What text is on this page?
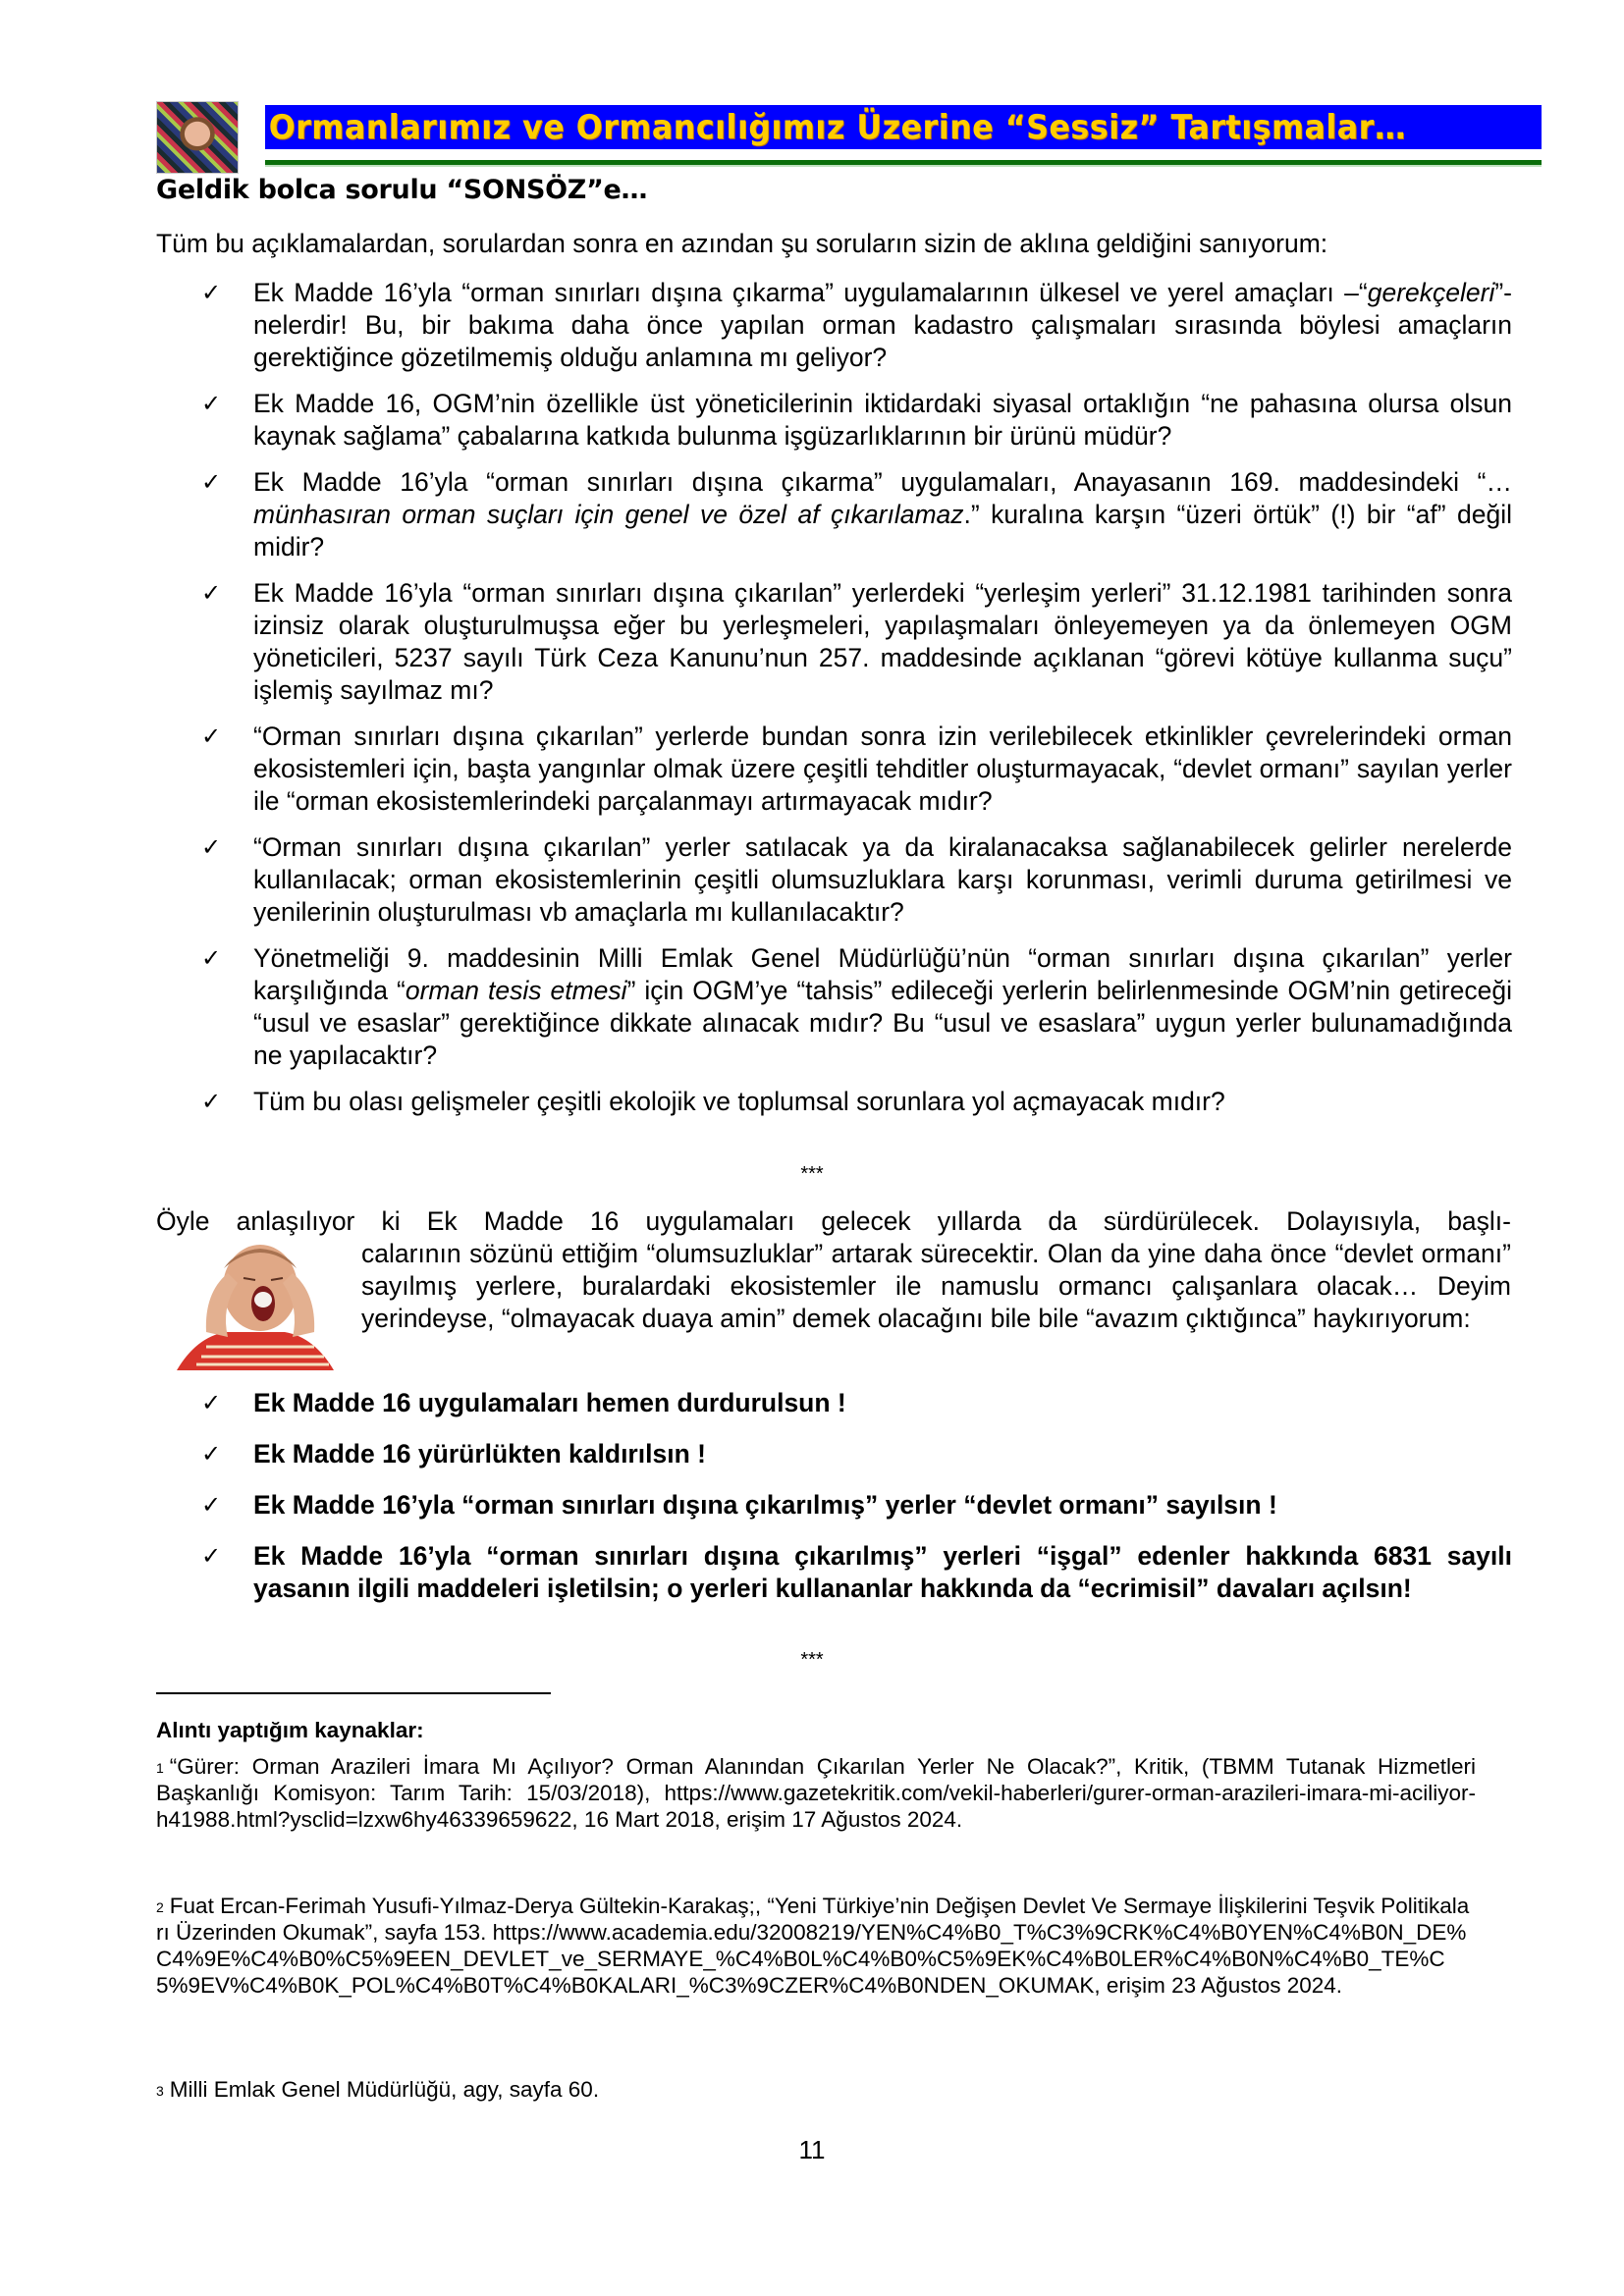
Ormanlarımız ve Ormancılığımız Üzerine “Sessiz” Tartışmalar…
Geldik bolca sorulu “SONSÖZ”e…
Tüm bu açıklamalardan, sorulardan sonra en azından şu soruların sizin de aklına geldiğini sanıyorum:
✓ Ek Madde 16’yla “orman sınırları dışına çıkarma” uygulamalarının ülkesel ve yerel amaçları –“gerekçeleri”- nelerdir! Bu, bir bakıma daha önce yapılan orman kadastro çalışmaları sırasında böylesi amaçların gerektiğince gözetilmemiş olduğu anlamına mı geliyor?
✓ Ek Madde 16, OGM’nin özellikle üst yöneticilerinin iktidardaki siyasal ortaklığın “ne pahasına olursa olsun kaynak sağlama” çabalarına katkıda bulunma işgüzarlıklarının bir ürünü müdür?
✓ Ek Madde 16’yla “orman sınırları dışına çıkarma” uygulamaları, Anayasanın 169. maddesindeki “…münhasıran orman suçları için genel ve özel af çıkarılamaz.” kuralına karşın “üzeri örtük” (!) bir “af” değil midir?
✓ Ek Madde 16’yla “orman sınırları dışına çıkarılan” yerlerdeki “yerleşim yerleri” 31.12.1981 tarihinden sonra izinsiz olarak oluşturulmuşsa eğer bu yerleşmeleri, yapılaşmaları önleyemeyen ya da önlemeyen OGM yöneticileri, 5237 sayılı Türk Ceza Kanunu’nun 257. maddesinde açıklanan “görevi kötüye kullanma suçu” işlemiş sayılmaz mı?
✓ “Orman sınırları dışına çıkarılan” yerlerde bundan sonra izin verilebilecek etkinlikler çevrelerindeki orman ekosistemleri için, başta yangınlar olmak üzere çeşitli tehditler oluşturmayacak, “devlet ormanı” sayılan yerler ile “orman ekosistemlerindeki parçalanmayı artırmayacak mıdır?
✓ “Orman sınırları dışına çıkarılan” yerler satılacak ya da kiralanacaksa sağlanabilecek gelirler nerelerde kullanılacak; orman ekosistemlerinin çeşitli olumsuzluklara karşı korunması, verimli duruma getirilmesi ve yenilerinin oluşturulması vb amaçlarla mı kullanılacaktır?
✓ Yönetmeliği 9. maddesinin Milli Emlak Genel Müdürlüğü’nün “orman sınırları dışına çıkarılan” yerler karşılığında “orman tesis etmesi” için OGM’ye “tahsis” edileceği yerlerin belirlenmesinde OGM’nin getireceği “usul ve esaslar” gerektiğince dikkate alınacak mıdır? Bu “usul ve esaslara” uygun yerler bulunamadığında ne yapılacaktır?
✓ Tüm bu olası gelişmeler çeşitli ekolojik ve toplumsal sorunlara yol açmayacak mıdır?
***
Öyle anlaşılıyor ki Ek Madde 16 uygulamaları gelecek yıllarda da sürdürülecek. Dolayısıyla, başlı-
calarının sözünü ettiğim “olumsuzluklar” artarak sürecektir. Olan da yine daha önce “devlet ormanı” sayılmış yerlere, buralardaki ekosistemler ile namuslu ormancı çalışanlara olacak… Deyim yerindeyse, “olmayacak duaya amin” demek olacağını bile bile “avazım çıktığınca” haykırıyorum:
✓ Ek Madde 16 uygulamaları hemen durdurulsun !
✓ Ek Madde 16 yürürlükten kaldırılsın !
✓ Ek Madde 16’yla “orman sınırları dışına çıkarılmış” yerler “devlet ormanı” sayılsın !
✓ Ek Madde 16’yla “orman sınırları dışına çıkarılmış” yerleri “işgal” edenler hakkında 6831 sayılı yasanın ilgili maddeleri işletilsin; o yerleri kullananlar hakkında da “ecrimisil” davaları açılsın!
***
Alıntı yaptığım kaynaklar:
$^1$ “Gürer: Orman Arazileri İmara Mı Açılıyor? Orman Alanından Çıkarılan Yerler Ne Olacak?”, Kritik, (TBMM Tutanak Hizmetleri Başkanlığı Komisyon: Tarım Tarih: 15/03/2018), https://www.gazetekritik.com/vekil-haberleri/gurer-orman-arazileri-imara-mi-aciliyor-h41988.html?ysclid=lzxw6hy46339659622, 16 Mart 2018, erişim 17 Ağustos 2024.
$^2$ Fuat Ercan-Ferimah Yusufi-Yılmaz-Derya Gültekin-Karakaş;, “Yeni Türkiye’nin Değişen Devlet Ve Sermaye İlişkilerini Teşvik Politikaları Üzerinden Okumak”, sayfa 153. https://www.academia.edu/32008219/YEN%C4%B0_T%C3%9CRK%C4%B0YEN%C4%B0N_DE%C4%9E%C4%B0%C5%9EEN_DEVLET_ve_SERMAYE_%C4%B0L%C4%B0%C5%9EK%C4%B0LER%C4%B0N%C4%B0_TE%C5%9EV%C4%B0K_POL%C4%B0T%C4%B0KALARI_%C3%9CZER%C4%B0NDEN_OKUMAK, erişim 23 Ağustos 2024.
$^3$ Milli Emlak Genel Müdürlüğü, agy, sayfa 60.
11
